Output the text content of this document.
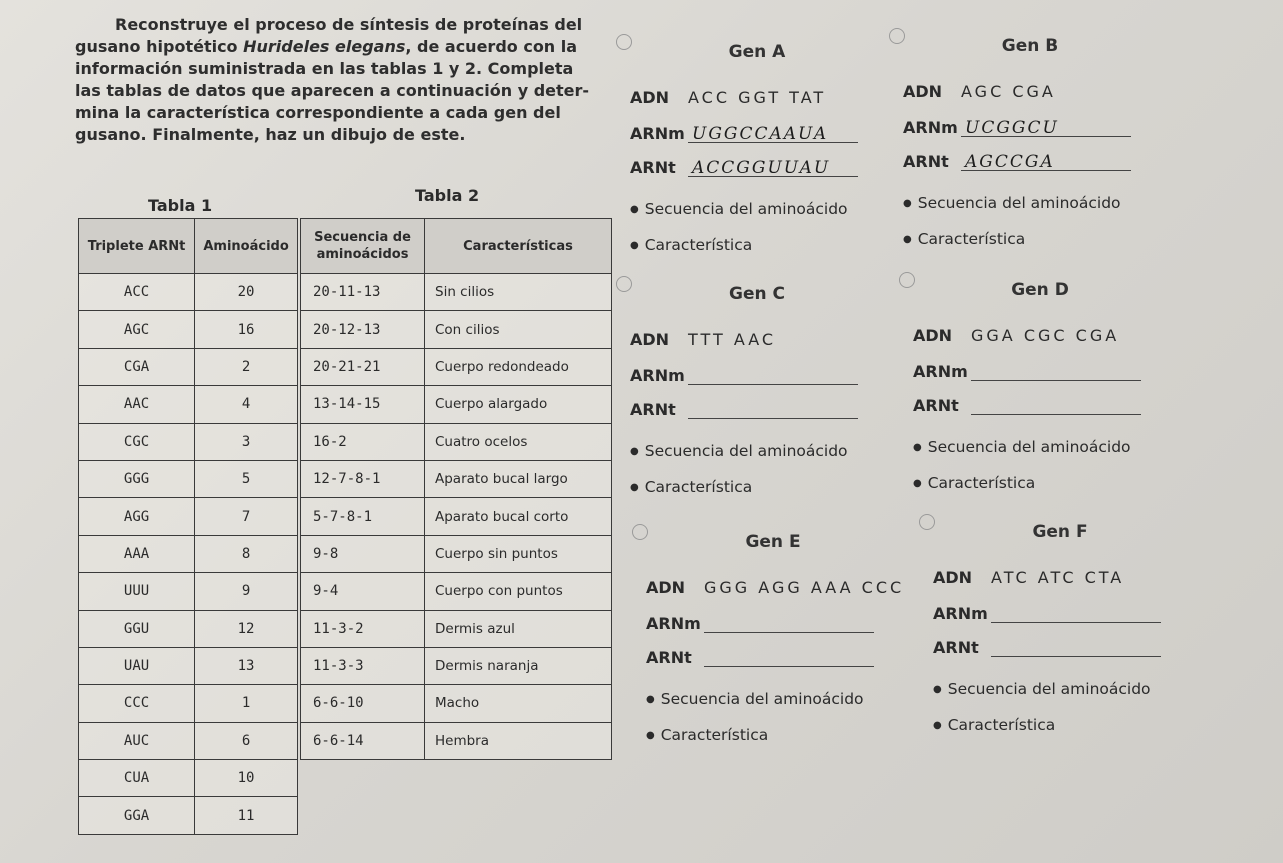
Reconstruye el proceso de síntesis de proteínas del

gusano hipotético Hurideles elegans, de acuerdo con la

información suministrada en las tablas 1 y 2. Completa

las tablas de datos que aparecen a continuación y deter-

mina la característica correspondiente a cada gen del

gusano. Finalmente, haz un dibujo de este.

Tabla 1
Tabla 2
Triplete ARNt	Aminoácido
ACC	20
AGC	16
CGA	2
AAC	4
CGC	3
GGG	5
AGG	7
AAA	8
UUU	9
GGU	12
UAU	13
CCC	1
AUC	6
CUA	10
GGA	11
Secuencia de aminoácidos	Características
20-11-13	Sin cilios
20-12-13	Con cilios
20-21-21	Cuerpo redondeado
13-14-15	Cuerpo alargado
16-2	Cuatro ocelos
12-7-8-1	Aparato bucal largo
5-7-8-1	Aparato bucal corto
9-8	Cuerpo sin puntos
9-4	Cuerpo con puntos
11-3-2	Dermis azul
11-3-3	Dermis naranja
6-6-10	Macho
6-6-14	Hembra
Gen A
ADN ACC GGT TAT
ARNm UGGCCAAUA
ARNt ACCGGUUAU
● Secuencia del aminoácido
● Característica
Gen B
ADN AGC CGA
ARNm UCGGCU
ARNt AGCCGA
● Secuencia del aminoácido
● Característica
Gen C
ADN TTT AAC
ARNm
ARNt
● Secuencia del aminoácido
● Característica
Gen D
ADN GGA CGC CGA
ARNm
ARNt
● Secuencia del aminoácido
● Característica
Gen E
ADN GGG AGG AAA CCC
ARNm
ARNt
● Secuencia del aminoácido
● Característica
Gen F
ADN ATC ATC CTA
ARNm
ARNt
● Secuencia del aminoácido
● Característica
